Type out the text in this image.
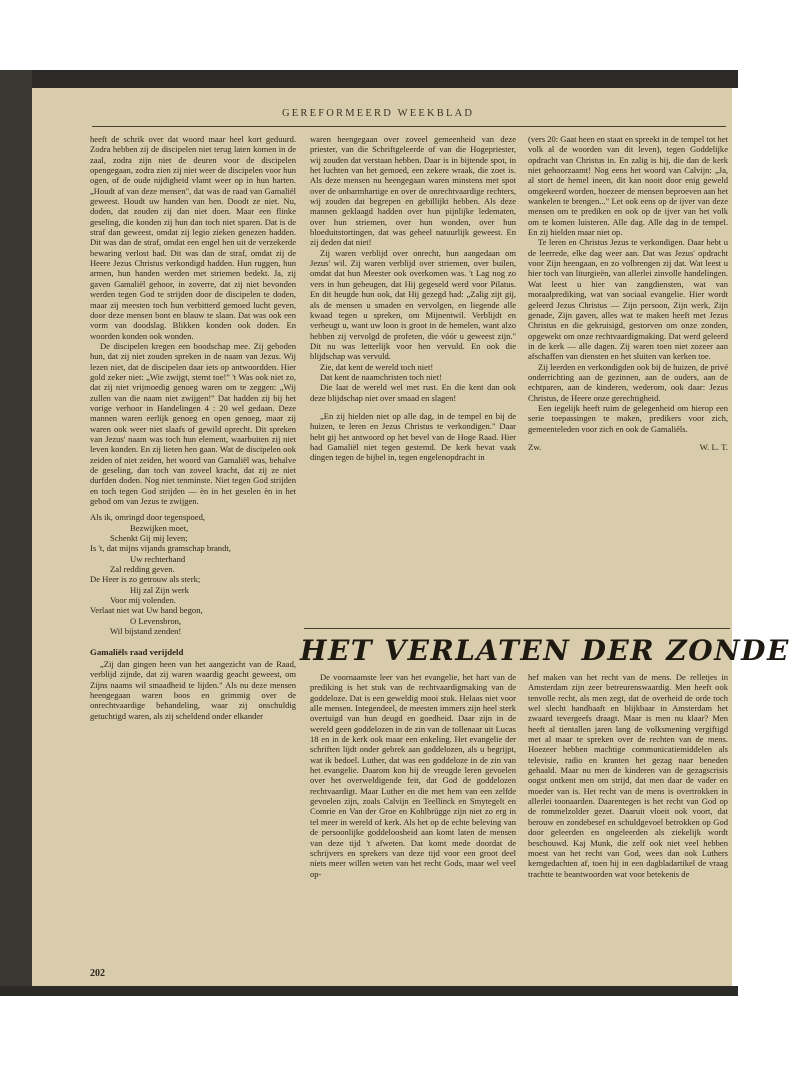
GEREFORMEERD WEEKBLAD

heeft de schrik over dat woord maar heel kort geduurd. Zodra hebben zij de discipelen niet terug laten komen in de zaal, zodra zijn niet de deuren voor de discipelen opengegaan, zodra zien zij niet weer de discipelen voor hun ogen, of de oude nijdigheid vlamt weer op in hun harten. „Houdt af van deze mensen", dat was de raad van Gamaliël geweest. Houdt uw handen van hen. Doodt ze niet. Nu, doden, dat zouden zij dan niet doen. Maar een flinke geseling, die konden zij hun dan toch niet sparen. Dat is de straf dan geweest, omdat zij legio zieken genezen hadden. Dit was dan de straf, omdat een engel hen uit de verzekerde bewaring verlost had. Dit was dan de straf, omdat zij de Heere Jezus Christus verkondigd hadden. Hun ruggen, hun armen, hun handen werden met striemen bedekt. Ja, zij gaven Gamaliël gehoor, in zoverre, dat zij niet bevonden werden tegen God te strijden door de discipelen te doden, maar zij meesten toch hun verbitterd gemoed lucht geven, door deze mensen bont en blauw te slaan. Dat was ook een vorm van doodslag. Blikken konden ook doden. En woorden konden ook wonden.

De discipelen kregen een boodschap mee. Zij geboden hun, dat zij niet zouden spreken in de naam van Jezus. Wij lezen niet, dat de discipelen daar iets op antwoordden. Hier gold zeker niet: „Wie zwijgt, stemt toe!" 't Was ook niet zo, dat zij niet vrijmoedig genoeg waren om te zeggen: „Wij zullen van die naam niet zwijgen!" Dat hadden zij bij het vorige verhoor in Handelingen 4 : 20 wel gedaan. Deze mannen waren eerlijk genoeg en open genoeg, maar zij waren ook weer niet slaafs of gewild oprecht. Dit spreken van Jezus' naam was toch hun element, waarbuiten zij niet leven konden. En zij lieten hen gaan. Wat de discipelen ook zeiden of niet zeiden, het woord van Gamaliël was, behalve de geseling, dan toch van zoveel kracht, dat zij ze niet durfden doden. Nog niet tenminste. Niet tegen God strijden en toch tegen God strijden — èn in het geselen èn in het gebod om van Jezus te zwijgen.

Als ik, omringd door tegenspoed,
Bezwijken moet,
Schenkt Gij mij leven;
Is 't, dat mijns vijands gramschap brandt,
Uw rechterhand
Zal redding geven.
De Heer is zo getrouw als sterk;
Hij zal Zijn werk
Voor mij volenden.
Verlaat niet wat Uw hand begon,
O Levensbron,
Wil bijstand zenden!
Gamaliëls raad verijdeld

„Zij dan gingen heen van het aangezicht van de Raad, verblijd zijnde, dat zij waren waardig geacht geweest, om Zijns naams wil smaadheid te lijden." Als nu deze mensen heengegaan waren boos en grimmig over de onrechtvaardige behandeling, waar zij onschuldig getuchtigd waren, als zij scheldend onder elkander

waren heengegaan over zoveel gemeenheid van deze priester, van die Schriftgeleerde of van die Hogepriester, wij zouden dat verstaan hebben. Daar is in bijtende spot, in het luchten van het gemoed, een zekere wraak, die zoet is. Als deze mensen nu heengegaan waren minstens met spot over de onbarmhartige en over de onrechtvaardige rechters, wij zouden dat begrepen en gebillijkt hebben. Als deze mannen geklaagd hadden over hun pijnlijke ledematen, over hun striemen, over hun wonden, over hun bloeduitstortingen, dat was geheel natuurlijk geweest. En zij deden dat niet!

Zij waren verblijd over onrecht, hun aangedaan om Jezus' wil. Zij waren verblijd over striemen, over builen, omdat dat hun Meester ook overkomen was. 't Lag nog zo vers in hun geheugen, dat Hij gegeseld werd voor Pilatus. En dit heugde hun ook, dat Hij gezegd had: „Zalig zijt gij, als de mensen u smaden en vervolgen, en liegende alle kwaad tegen u spreken, om Mijnentwil. Verblijdt en verheugt u, want uw loon is groot in de hemelen, want alzo hebben zij vervolgd de profeten, die vóór u geweest zijn." Dit nu was letterlijk voor hen vervuld. En ook die blijdschap was vervuld.

Zie, dat kent de wereld toch niet!

Dat kent de naamchristen toch niet!

Die laat de wereld wel met rust. En die kent dan ook deze blijdschap niet over smaad en slagen!

„En zij hielden niet op alle dag, in de tempel en bij de huizen, te leren en Jezus Christus te verkondigen." Daar hebt gij het antwoord op het bevel van de Hoge Raad. Hier had Gamaliël niet tegen gestemd. De kerk bevat vaak dingen tegen de bijbel in, tegen engelenopdracht in

(vers 20: Gaat heen en staat en spreekt in de tempel tot het volk al de woorden van dit leven), tegen Goddelijke opdracht van Christus in. En zalig is hij, die dan de kerk niet gehoorzaamt! Nog eens het woord van Calvijn: „Ja, al stort de hemel ineen, dit kan nooit door enig geweld omgekeerd worden, hoezeer de mensen beproeven aan het wankelen te brengen..." Let ook eens op de ijver van deze mensen om te prediken en ook op de ijver van het volk om te komen luisteren. Alle dag. Alle dag in de tempel. En zij hielden maar niet op.

Te leren en Christus Jezus te verkondigen. Daar hebt u de leerrede, elke dag weer aan. Dat was Jezus' opdracht voor Zijn heengaan, en zo volbrengen zij dat. Wat leest u hier toch van liturgieën, van allerlei zinvolle handelingen. Wat leest u hier van zangdiensten, wat van moraalprediking, wat van sociaal evangelie. Hier wordt geleerd Jezus Christus — Zijn persoon, Zijn werk, Zijn genade, Zijn gaven, alles wat te maken heeft met Jezus Christus en die gekruisigd, gestorven om onze zonden, opgewekt om onze rechtvaardigmaking. Dat werd geleerd in de kerk — alle dagen. Zij waren toen niet zozeer aan afschaffen van diensten en het sluiten van kerken toe.

Zij leerden en verkondigden ook bij de huizen, de privé onderrichting aan de gezinnen, aan de ouders, aan de echtparen, aan de kinderen, wederom, ook daar: Jezus Christus, de Heere onze gerechtigheid.

Een iegelijk heeft ruim de gelegenheid om hierop een serie toepassingen te maken, predikers voor zich, gemeenteleden voor zich en ook de Gamaliëls.

Zw.	W. L. T.
HET VERLATEN DER ZONDE

De voornaamste leer van het evangelie, het hart van de prediking is het stuk van de rechtvaardigmaking van de goddeloze. Dat is een geweldig mooi stuk. Helaas niet voor alle mensen. Integendeel, de meesten immers zijn heel sterk overtuigd van hun deugd en goedheid. Daar zijn in de wereld geen goddelozen in de zin van de tollenaar uit Lucas 18 en in de kerk ook maar een enkeling. Het evangelie der schriften lijdt onder gebrek aan goddelozen, als u begrijpt, wat ik bedoel. Luther, dat was een goddeloze in de zin van het evangelie. Daarom kon hij de vreugde leren gevoelen over het overweldigende feit, dat God de goddelozen rechtvaardigt. Maar Luther en die met hem van een zelfde gevoelen zijn, zoals Calvijn en Teellinck en Smytegelt en Comrie en Van der Groe en Kohlbrügge zijn niet zo erg in tel meer in wereld of kerk. Als het op de echte beleving van de persoonlijke goddeloosheid aan komt laten de mensen van deze tijd 't afweten. Dat komt mede doordat de schrijvers en sprekers van deze tijd voor een groot deel niets meer willen weten van het recht Gods, maar wel veel op-

hef maken van het recht van de mens. De relletjes in Amsterdam zijn zeer betreurenswaardig. Men heeft ook tenvolle recht, als men zegt, dat de overheid de orde toch wel slecht handhaaft en blijkbaar in Amsterdam het zwaard tevergeefs draagt. Maar is men nu klaar? Men heeft al tientallen jaren lang de volksmening vergiftigd met al maar te spreken over de rechten van de mens. Hoezeer hebben machtige communicatiemiddelen als televisie, radio en kranten het gezag naar beneden gehaald. Maar nu men de kinderen van de gezagscrisis oogst ontkent men om strijd, dat men daar de vader en moeder van is. Het recht van de mens is overtrokken in allerlei toonaarden. Daarentegen is het recht van God op de rommelzolder gezet. Daaruit vloeit ook voort, dat berouw en zondebesef en schuldgevoel betrokken op God door geleerden en ongeleerden als ziekelijk wordt beschouwd. Kaj Munk, die zelf ook niet veel hebben moest van het recht van God, wees dan ook Luthers kerngedachten af, toen hij in een dagbladartikel de vraag trachtte te beantwoorden wat voor betekenis de

202
